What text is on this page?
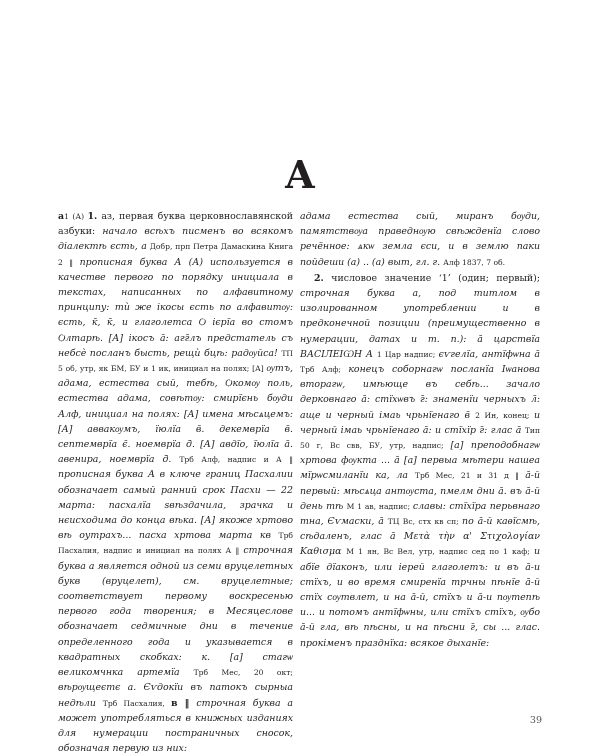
А

а1 (А) 1. аз, первая буква церковнославянской азбуки: начало всѣхъ писменъ во всякомъ діалектѣ єсть, а Добр, прп Петра Дамаскина Книга 2 ‖ прописная буква А (А) используется в качестве первого по порядку инициала в текстах, написанных по алфавитному принципу: тѝ же ікосы єсть по алфавитѹ: єсть, к̄, к̄, и глаголетса Ѻ ієрїа во стомъ Ѻлтарѣ. [А] ікосъ а̄: агг̃лъ предстатель съ небсѐ посланъ бысть, рещѝ бцѣ: радѹйса! ТП 5 об, утр, як БМ, БУ и 1 ик, инициал на полях; [А] ѹтъ, адама, естества сый, тебѣ, Ѻкомѹ поль, естества адама, совѣтѹ: смирїєнь бѹди Алф, инициал на полях: [А] имена мѣсѧцемъ: [А] аввакѹмъ, їюлїа в̄. декемврїа в̄. септемврїа є̄. ноемврїа д̄. [А] авдїо, їюлїа а̄. авенира, ноемврїа д̄. Трб Алф, надпис и А ‖ прописная буква А в ключе границ Пасхалии обозначает самый ранний срок Пасхи — 22 марта: пасхалїа ѕвѣздачила, зрачка и нєисходима до конца вѣка. [А] якоже хртово вѣ оутрахъ... пасха хртова марта кв Трб Пасхалия, надпис и инициал на полях А ‖ строчная буква а является одной из семи вруцелетных букв (вруцелет), см. вруцелетные; соответствует первому воскресенью первого года творения; в Месяцеслове обозначает седмичные дни в течение определенного года и указывается в квадратных скобках: к. [а] стагѡ великомчнка артемїа Трб Мес, 20 окт; вѣрѹщеєтє а. Єѵдокїи въ патокъ сырныа недѣли Трб Пасхалия, в ‖ строчная буква а может употребляться в книжных изданиях для нумерации постраничных сносок, обозначая первую из них:

адама естества сый, миранъ бѹди, памятствѹа праведнѹю свѣжденїа слово речённое: ѧкѡ земла єси, и в землю паки пойдеши (а) .. (а) выт, гл. г. Алф 1837, 7 об.

2. числовое значение ‘1’ (один; первый); строчная буква а, под титлом в изолированном употреблении и в предконечной позиции (преимущественно в нумерации, датах и т. п.): а̄ царствїа ВАСІЛЕІѠН А 1 Цар надпис; єѵгелїа, антїфѡна а̄ Трб Алф; конецъ соборнагѡ посланїа Іѡанова вторагѡ, имѣюще въ себѣ... зачало дерковнаго а̄: стїхѡвъ г̄: знаменїи черныхъ л̄: аще и черный імаь чрьнїенаго в̄ 2 Ин, конец; и черный імаь чрьнїенаго а̄: и стїхїр г̄: глас а̄ Тип 50 г, Вс свв, БУ, утр, надпис; [а] преподобнагѡ хртова фѹкта ... а̄ [а] первыа мѣтери нашеа мїрѡсмиланїи ка, ла Трб Мес, 21 и 31 д ‖ а̄-й первый: мѣсѧца антѹста, пмелм дни а̄. въ а̄-й день тѣ М 1 ав, надпис; славы: стїхїра перьвнаго тна, Єѵмаски, а̄ ТЦ Вс, стх кв сп; по а̄-й каѳїсмѣ, сѣдаленъ, глас а̄ Μετὰ τὴν α' Στιχολογίαν Καθισμα М 1 ян, Вс Вел, утр, надпис сед по 1 каф; и абїе дїаконъ, или іерей глаголетъ: и въ а̄-и стїхъ, и во время смиренїа трчны пѣнїе а̄-й стїх сѹтвлет, и на а̄-й, стїхъ и а̄-и пѹтепѣ и... и потомъ антїфѡны, или стїхъ стїхъ, ѹбо а̄-й гла, вѣ пѣсны, и на пѣсни г̄, сы ... глас. прокіменъ празднїка: всякое дыханїе:

39
